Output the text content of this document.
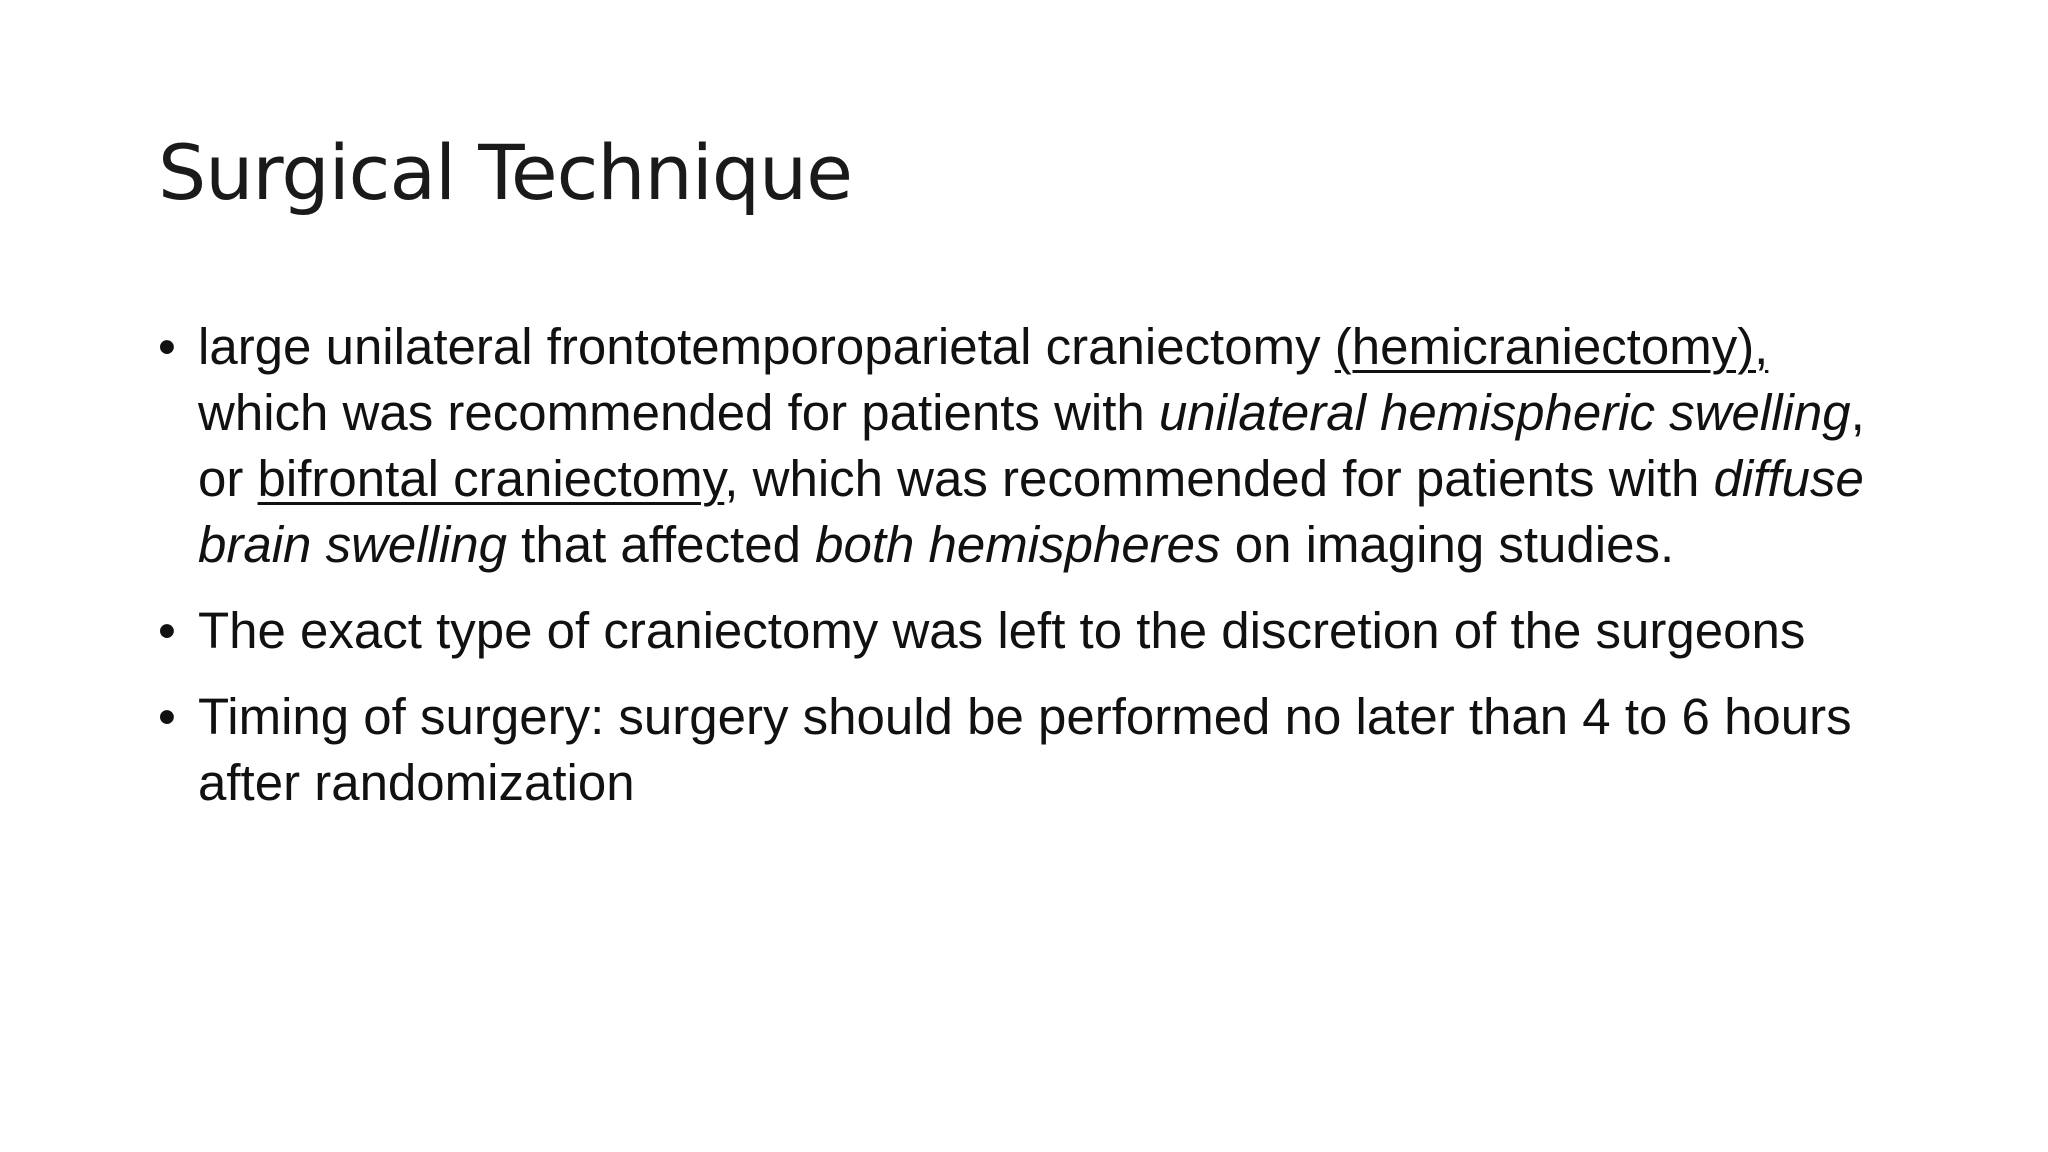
Surgical Technique
• large unilateral frontotemporoparietal craniectomy (hemicraniectomy), which was recommended for patients with unilateral hemispheric swelling, or bifrontal craniectomy, which was recommended for patients with diffuse brain swelling that affected both hemispheres on imaging studies.
• The exact type of craniectomy was left to the discretion of the surgeons
• Timing of surgery: surgery should be performed no later than 4 to 6 hours after randomization
